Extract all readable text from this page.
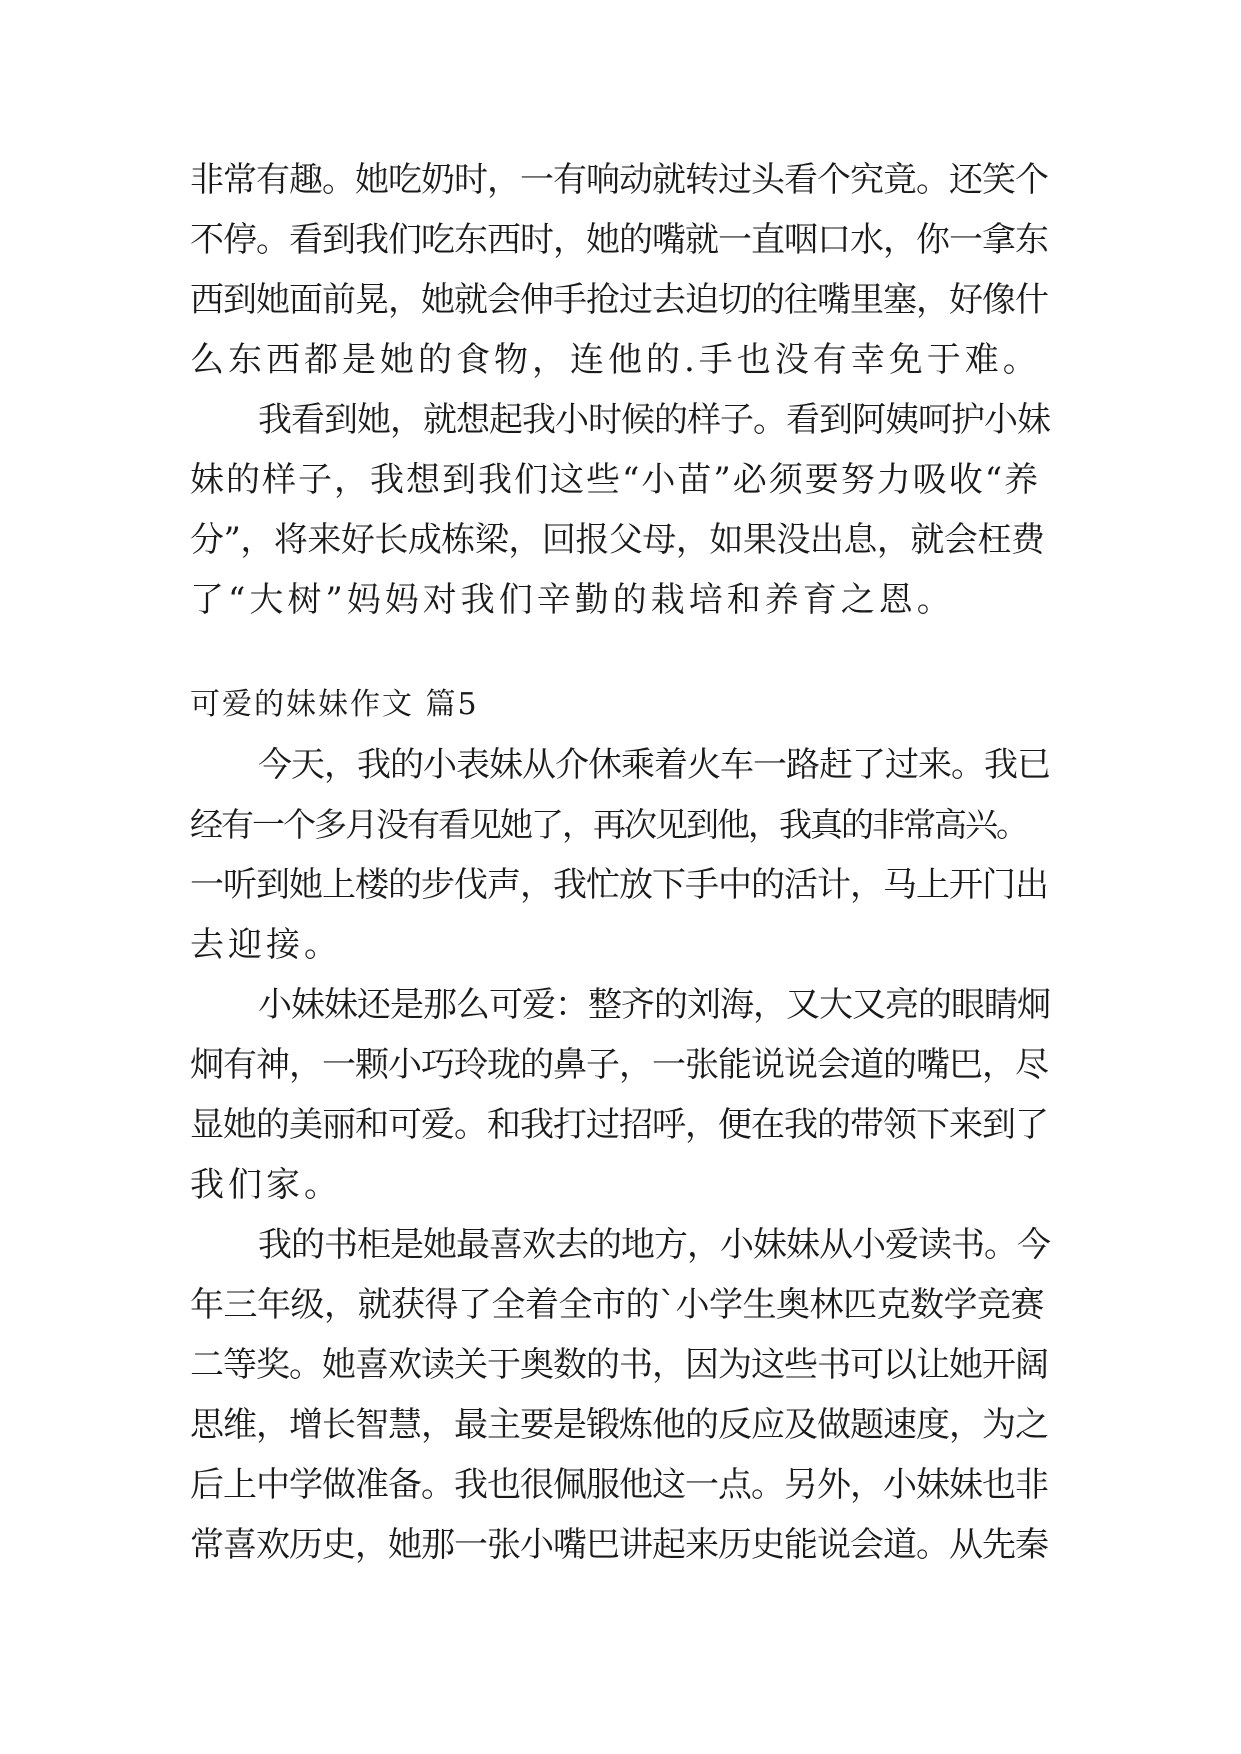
非常有趣。她吃奶时，一有响动就转过头看个究竟。还笑个
不停。看到我们吃东西时，她的嘴就一直咽口水，你一拿东
西到她面前晃，她就会伸手抢过去迫切的往嘴里塞，好像什
么东西都是她的食物，连他的.手也没有幸免于难。
我看到她，就想起我小时候的样子。看到阿姨呵护小妹
妹的样子，我想到我们这些“小苗”必须要努力吸收“养
分”，将来好长成栋梁，回报父母，如果没出息，就会枉费
了“大树”妈妈对我们辛勤的栽培和养育之恩。
可爱的妹妹作文 篇5
今天，我的小表妹从介休乘着火车一路赶了过来。我已
经有一个多月没有看见她了，再次见到他，我真的非常高兴。
一听到她上楼的步伐声，我忙放下手中的活计，马上开门出
去迎接。
小妹妹还是那么可爱：整齐的刘海，又大又亮的眼睛炯
炯有神，一颗小巧玲珑的鼻子，一张能说说会道的嘴巴，尽
显她的美丽和可爱。和我打过招呼，便在我的带领下来到了
我们家。
我的书柜是她最喜欢去的地方，小妹妹从小爱读书。今
年三年级，就获得了全着全市的`小学生奥林匹克数学竞赛
二等奖。她喜欢读关于奥数的书，因为这些书可以让她开阔
思维，增长智慧，最主要是锻炼他的反应及做题速度，为之
后上中学做准备。我也很佩服他这一点。另外，小妹妹也非
常喜欢历史，她那一张小嘴巴讲起来历史能说会道。从先秦
